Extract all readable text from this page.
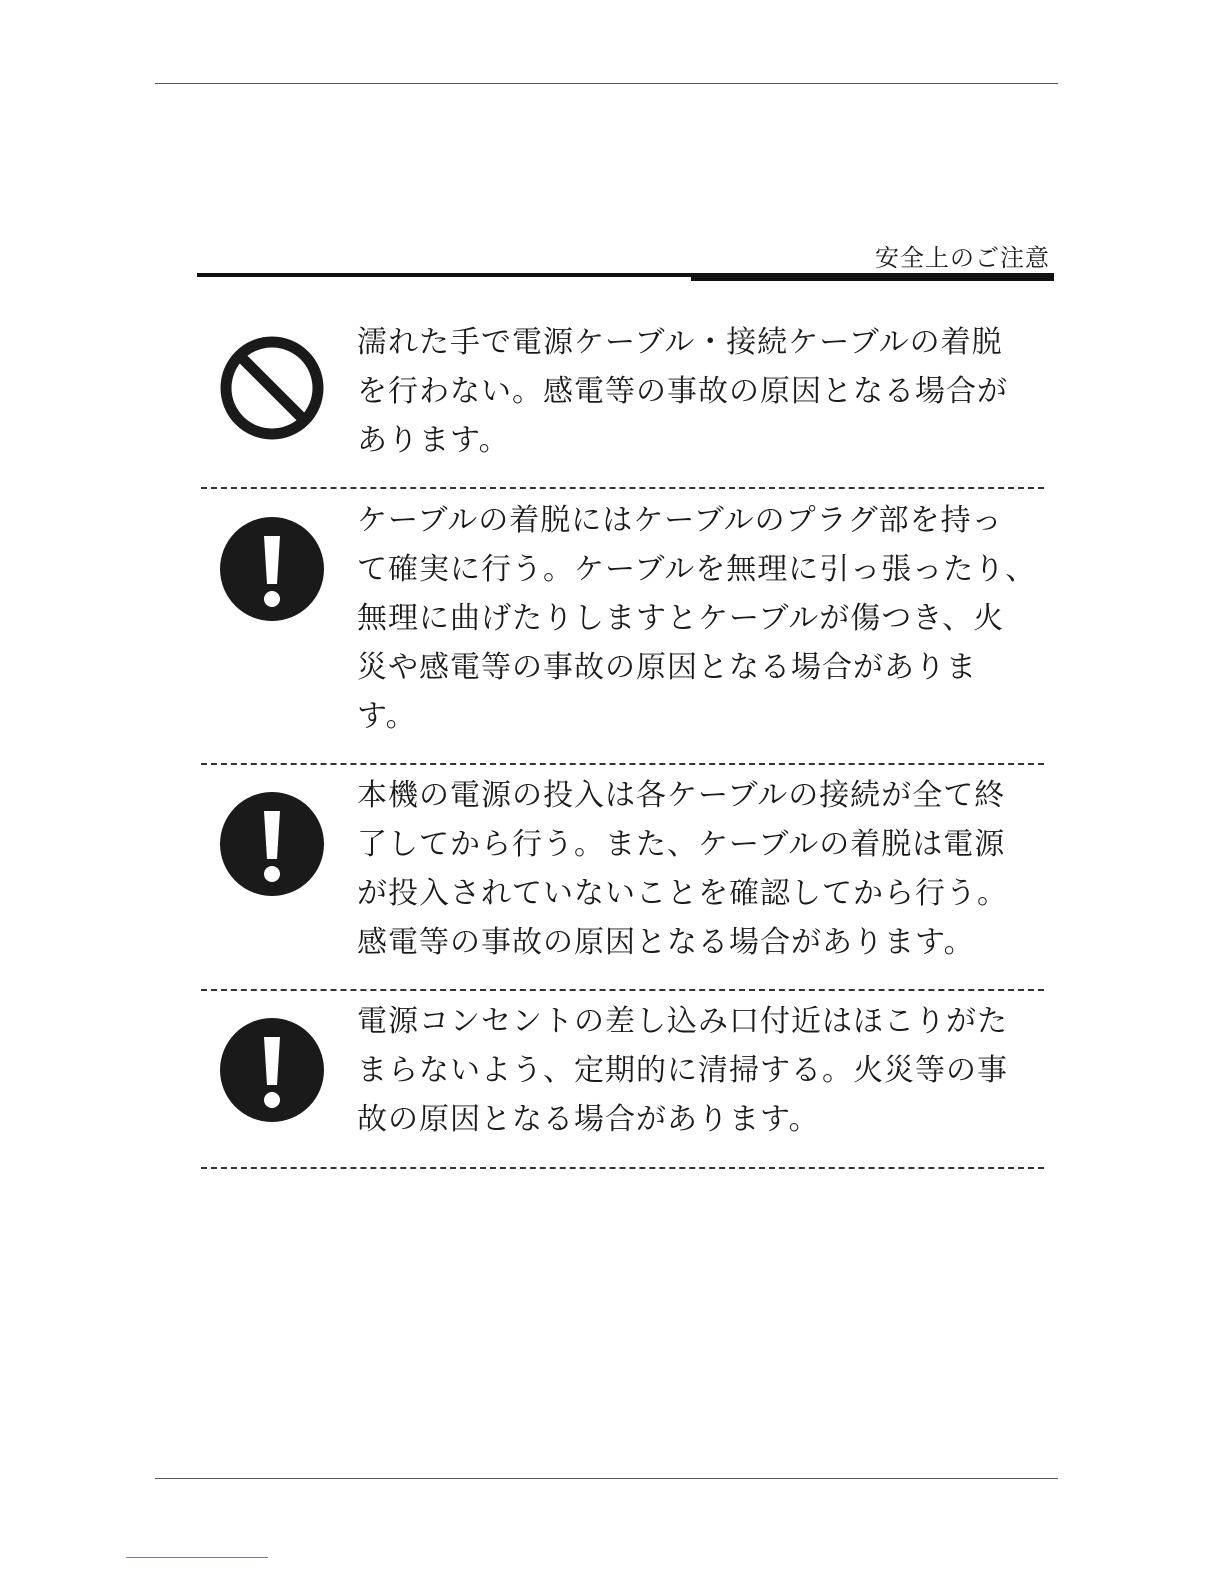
安全上のご注意
濡れた手で電源ケーブル・接続ケーブルの着脱
を行わない。感電等の事故の原因となる場合が
あります。
ケーブルの着脱にはケーブルのプラグ部を持っ
て確実に行う。ケーブルを無理に引っ張ったり、
無理に曲げたりしますとケーブルが傷つき、火
災や感電等の事故の原因となる場合がありま
す。
本機の電源の投入は各ケーブルの接続が全て終
了してから行う。また、ケーブルの着脱は電源
が投入されていないことを確認してから行う。
感電等の事故の原因となる場合があります。
電源コンセントの差し込み口付近はほこりがた
まらないよう、定期的に清掃する。火災等の事
故の原因となる場合があります。
